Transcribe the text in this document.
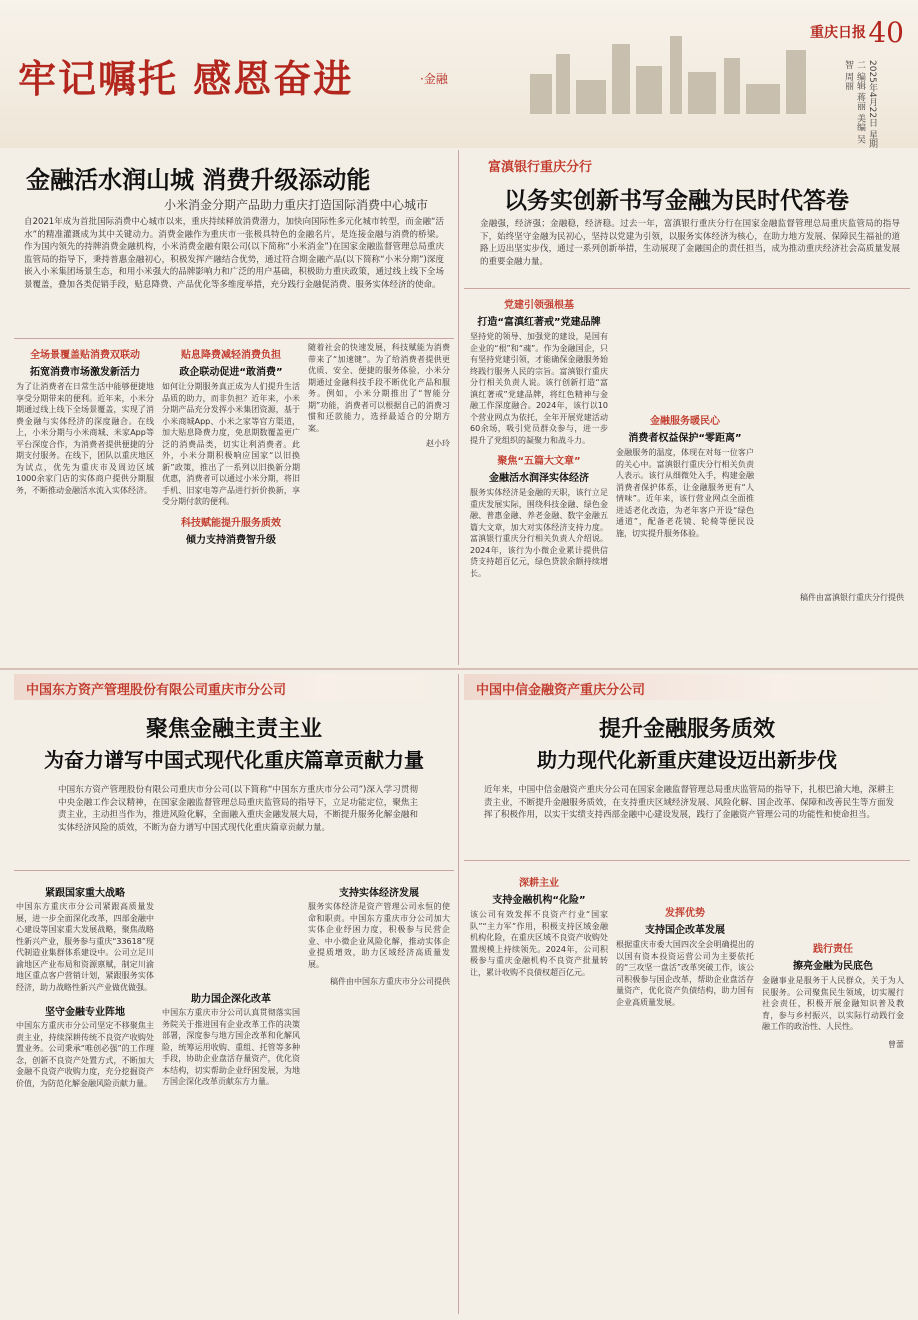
牢记嘱托 感恩奋进	·金融
重庆日报 40
2025年4月22日 星期二 编辑 蒋丽 美编 吴智 周丽
金融活水润山城 消费升级添动能
小米消金分期产品助力重庆打造国际消费中心城市
自2021年成为首批国际消费中心城市以来，重庆持续释放消费潜力，加快向国际性多元化城市转型，而金融“活水”的精准灌溉成为其中关键动力。消费金融作为重庆市一张极具特色的金融名片，是连接金融与消费的桥梁。作为国内领先的持牌消费金融机构，小米消费金融有限公司(以下简称“小米消金”)在国家金融监督管理总局重庆监管局的指导下，秉持普惠金融初心，积极发挥产融结合优势，通过符合期金融产品(以下简称“小米分期”)深度嵌入小米集团场景生态，和用小米强大的品牌影响力和广泛的用户基础，积极助力重庆政策，通过线上线下全场景覆盖，叠加各类促销手段，贴息降费、产品优化等多维度举措，充分践行金融促消费、服务实体经济的使命。
全场景覆盖贴消费双联动
拓宽消费市场激发新活力
为了让消费者在日常生活中能够便捷地享受分期带来的便利。近年来，小米分期通过线上线下全场景覆盖，实现了消费金融与实体经济的深度融合。在线上，小米分期与小米商城、米家App等平台深度合作，为消费者提供便捷的分期支付服务。在线下，团队以重庆地区为试点，优先为重庆市及周边区域1000余家门店的实体商户提供分期服务，不断推动金融活水流入实体经济。
贴息降费减轻消费负担
政企联动促进“敢消费”
如何让分期服务真正成为人们提升生活品质的助力，而非负担？近年来，小米分期产品充分发挥小米集团资源，基于小米商城App、小米之家等官方渠道，加大贴息降费力度，免息期数覆盖更广泛的消费品类，切实让利消费者。此外，小米分期积极响应国家“以旧换新”政策，推出了一系列以旧换新分期优惠，消费者可以通过小米分期，将旧手机、旧家电等产品进行折价换新，享受分期付款的便利。
科技赋能提升服务质效
倾力支持消费智升级
随着社会的快速发展，科技赋能为消费带来了“加速键”。为了给消费者提供更优质、安全、便捷的服务体验，小米分期通过金融科技手段不断优化产品和服务。例如，小米分期推出了“智能分期”功能，消费者可以根据自己的消费习惯和还款能力，选择最适合的分期方案。
赵小玲
富滇银行重庆分行
以务实创新书写金融为民时代答卷
金融强，经济强；金融稳，经济稳。过去一年，富滇银行重庆分行在国家金融监督管理总局重庆监管局的指导下，始终坚守金融为民初心，坚持以党建为引领，以服务实体经济为核心，在助力地方发展、保障民生福祉的道路上迈出坚实步伐，通过一系列创新举措，生动展现了金融国企的责任担当，成为推动重庆经济社会高质量发展的重要金融力量。
党建引领强根基
打造“富滇红著戒”党建品牌
坚持党的领导、加强党的建设，是国有企业的“根”和“魂”。作为金融国企，只有坚持党建引领，才能确保金融服务始终践行服务人民的宗旨。富滇银行重庆分行相关负责人说。该行创新打造“富滇红著戒”党建品牌，将红色精神与金融工作深度融合。2024年，该行以10个营业网点为依托，全年开展党建活动60余场，吸引党员群众参与，进一步提升了党组织的凝聚力和战斗力。
聚焦“五篇大文章”
金融活水润泽实体经济
服务实体经济是金融的天职，该行立足重庆发展实际，围绕科技金融、绿色金融、普惠金融、养老金融、数字金融五篇大文章，加大对实体经济支持力度。富滇银行重庆分行相关负责人介绍说。2024年，该行为小微企业累计提供信贷支持超百亿元，绿色贷款余额持续增长。
金融服务暖民心
消费者权益保护“零距离”
金融服务的温度，体现在对每一位客户的关心中。富滇银行重庆分行相关负责人表示。该行从细微处入手，构建金融消费者保护体系，让金融服务更有“人情味”。近年来，该行营业网点全面推进适老化改造，为老年客户开设“绿色通道”，配备老花镜、轮椅等便民设施，切实提升服务体验。
稿件由富滇银行重庆分行提供
中国东方资产管理股份有限公司重庆市分公司
聚焦金融主责主业
为奋力谱写中国式现代化重庆篇章贡献力量
中国东方资产管理股份有限公司重庆市分公司(以下简称“中国东方重庆市分公司”)深入学习贯彻中央金融工作会议精神，在国家金融监督管理总局重庆监管局的指导下，立足功能定位，聚焦主责主业，主动担当作为，推进风险化解，全面融入重庆金融发展大局，不断提升服务化解金融和实体经济风险的质效，不断为奋力谱写中国式现代化重庆篇章贡献力量。
紧跟国家重大战略
中国东方重庆市分公司紧跟高质量发展，进一步全面深化改革，四部金融中心建设等国家重大发展战略，聚焦战略性新兴产业，服务参与重庆“33618”现代制造业集群体系建设中。公司立足川渝地区产业布局和资源禀赋，制定川渝地区重点客户营销计划，紧跟服务实体经济，助力战略性新兴产业做优做强。
坚守金融专业阵地
中国东方重庆市分公司坚定不移聚焦主责主业，持续深耕传统不良资产收购处置业务。公司秉承“唯创必强”的工作理念，创新不良资产处置方式，不断加大金融不良资产收购力度，充分挖掘资产价值，为防范化解金融风险贡献力量。
助力国企深化改革
中国东方重庆市分公司认真贯彻落实国务院关于推进国有企业改革工作的决策部署，深度参与地方国企改革和化解风险，统筹运用收购、重组、托管等多种手段，协助企业盘活存量资产，优化资本结构，切实帮助企业纾困发展，为地方国企深化改革贡献东方力量。
支持实体经济发展
服务实体经济是资产管理公司永恒的使命和职责。中国东方重庆市分公司加大实体企业纾困力度，积极参与民营企业、中小微企业风险化解，推动实体企业提质增效，助力区域经济高质量发展。
稿件由中国东方重庆市分公司提供
中国中信金融资产重庆分公司
提升金融服务质效
助力现代化新重庆建设迈出新步伐
近年来，中国中信金融资产重庆分公司在国家金融监督管理总局重庆监管局的指导下，扎根巴渝大地，深耕主责主业，不断提升金融服务质效，在支持重庆区域经济发展、风险化解、国企改革、保障和改善民生等方面发挥了积极作用，以实干实绩支持西部金融中心建设发展，践行了金融资产管理公司的功能性和使命担当。
深耕主业
支持金融机构“化险”
该公司有效发挥不良资产行业“国家队”“主力军”作用，积极支持区域金融机构化险，在重庆区域不良资产收购处置规模上持续领先。2024年，公司积极参与重庆金融机构不良资产批量转让，累计收购不良债权超百亿元。
发挥优势
支持国企改革发展
根据重庆市委大国四次全会明确提出的以国有资本投资运营公司为主要依托的“三攻坚一盘活”改革突破工作，该公司积极参与国企改革，帮助企业盘活存量资产，优化资产负债结构，助力国有企业高质量发展。
践行责任
擦亮金融为民底色
金融事业是服务于人民群众，关于为人民服务。公司聚焦民生领域，切实履行社会责任，积极开展金融知识普及教育，参与乡村振兴，以实际行动践行金融工作的政治性、人民性。
曾蕾
